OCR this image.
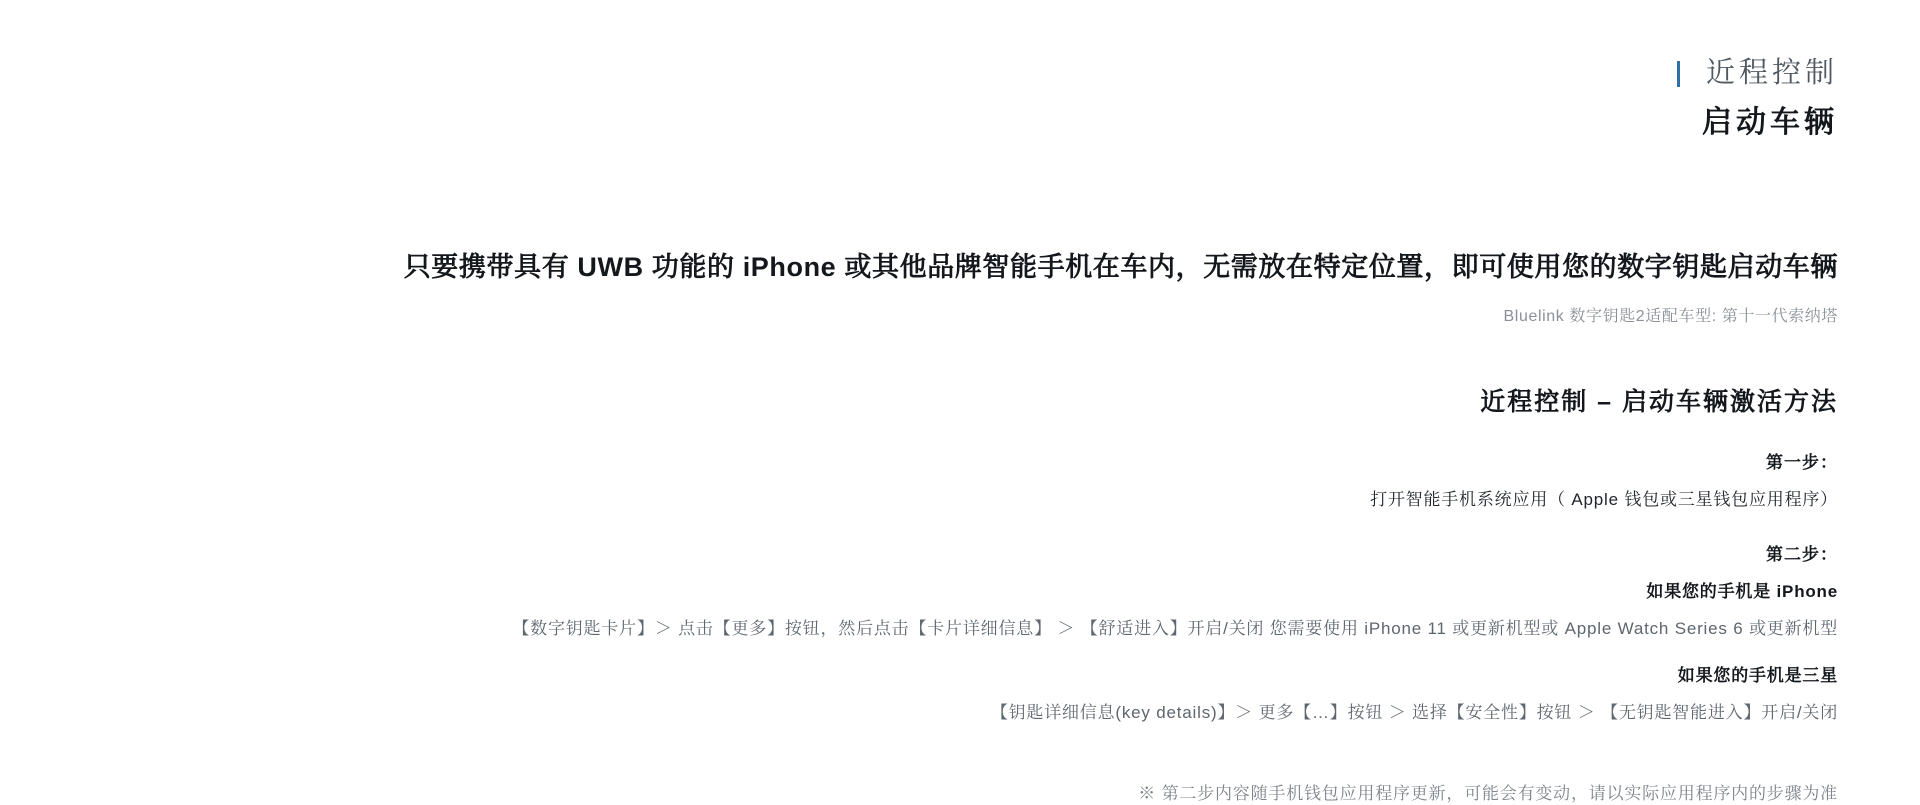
近程控制
启动车辆
只要携带具有 UWB 功能的 iPhone 或其他品牌智能手机在车内，无需放在特定位置，即可使用您的数字钥匙启动车辆
Bluelink 数字钥匙2适配车型: 第十一代索纳塔
近程控制 – 启动车辆激活方法
第一步：
打开智能手机系统应用（ Apple 钱包或三星钱包应用程序）
第二步：
如果您的手机是 iPhone
【数字钥匙卡片】＞ 点击【更多】按钮，然后点击【卡片详细信息】 ＞ 【舒适进入】开启/关闭 您需要使用 iPhone 11 或更新机型或 Apple Watch Series 6 或更新机型
如果您的手机是三星
【钥匙详细信息(key details)】＞ 更多【…】按钮 ＞ 选择【安全性】按钮 ＞ 【无钥匙智能进入】开启/关闭
※ 第二步内容随手机钱包应用程序更新，可能会有变动，请以实际应用程序内的步骤为准
